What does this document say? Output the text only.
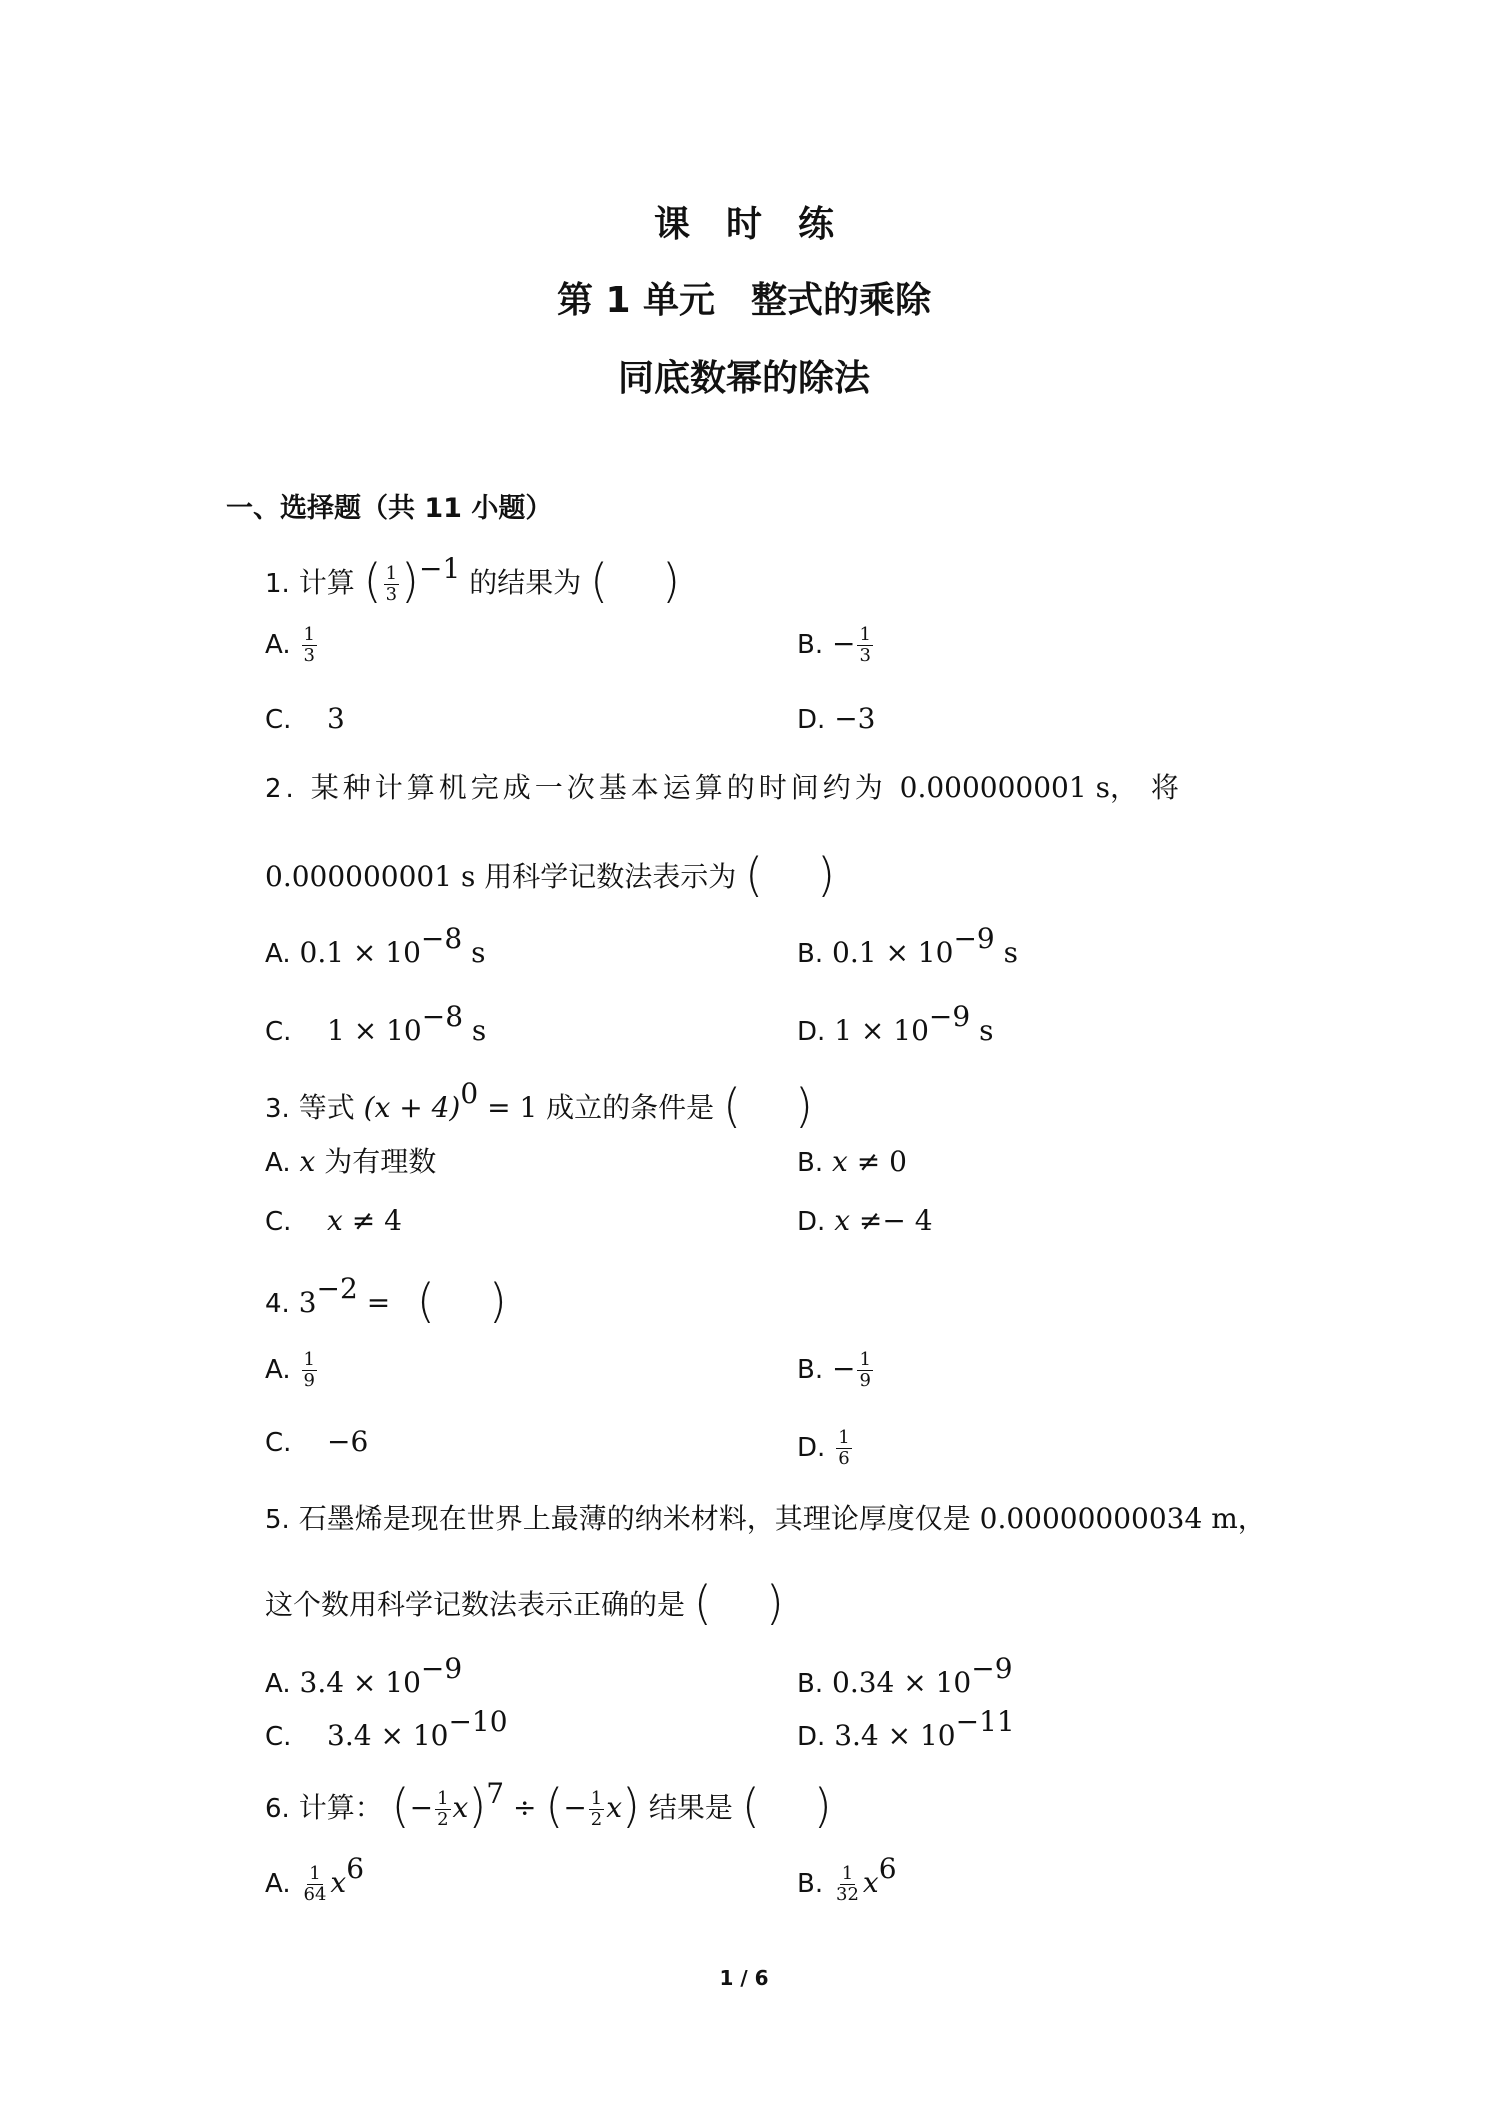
课　时　练
第 1 单元　整式的乘除
同底数幂的除法
一、选择题（共 11 小题）
1. 计算 ( $\frac{1}{3} )^{-1}$ 的结果为 ( )
A. $\frac{1}{3}$	B. − $\frac{1}{3}$
C. 3	D. −3
2. 某种计算机完成一次基本运算的时间约为 0.000000001 s， 将
0.000000001 s 用科学记数法表示为 ( )
A. $0.1 \times 10^{-8}$ s	B. $0.1 \times 10^{-9}$ s
C. $1 \times 10^{-8}$ s	D. $1 \times 10^{-9}$ s
3. 等式 $(x + 4)^0 = 1$ 成立的条件是 ( )
A. x 为有理数	B. x ≠ 0
C. x ≠ 4	D. x ≠− 4
4. $3^{-2}$ = ( )
A. $\frac{1}{9}$	B. − $\frac{1}{9}$
C. −6	D. $\frac{1}{6}$
5. 石墨烯是现在世界上最薄的纳米材料，其理论厚度仅是 0.00000000034 m，
这个数用科学记数法表示正确的是 ( )
A. $3.4 \times 10^{-9}$	B. $0.34 \times 10^{-9}$
C. $3.4 \times 10^{-10}$	D. $3.4 \times 10^{-11}$
6. 计算： (− $\frac{1}{2} x)^7$ ÷ (− $\frac{1}{2} x$) 结果是 ( )
A. $\frac{1}{64} x^6$	B. $\frac{1}{32} x^6$
1 / 6
